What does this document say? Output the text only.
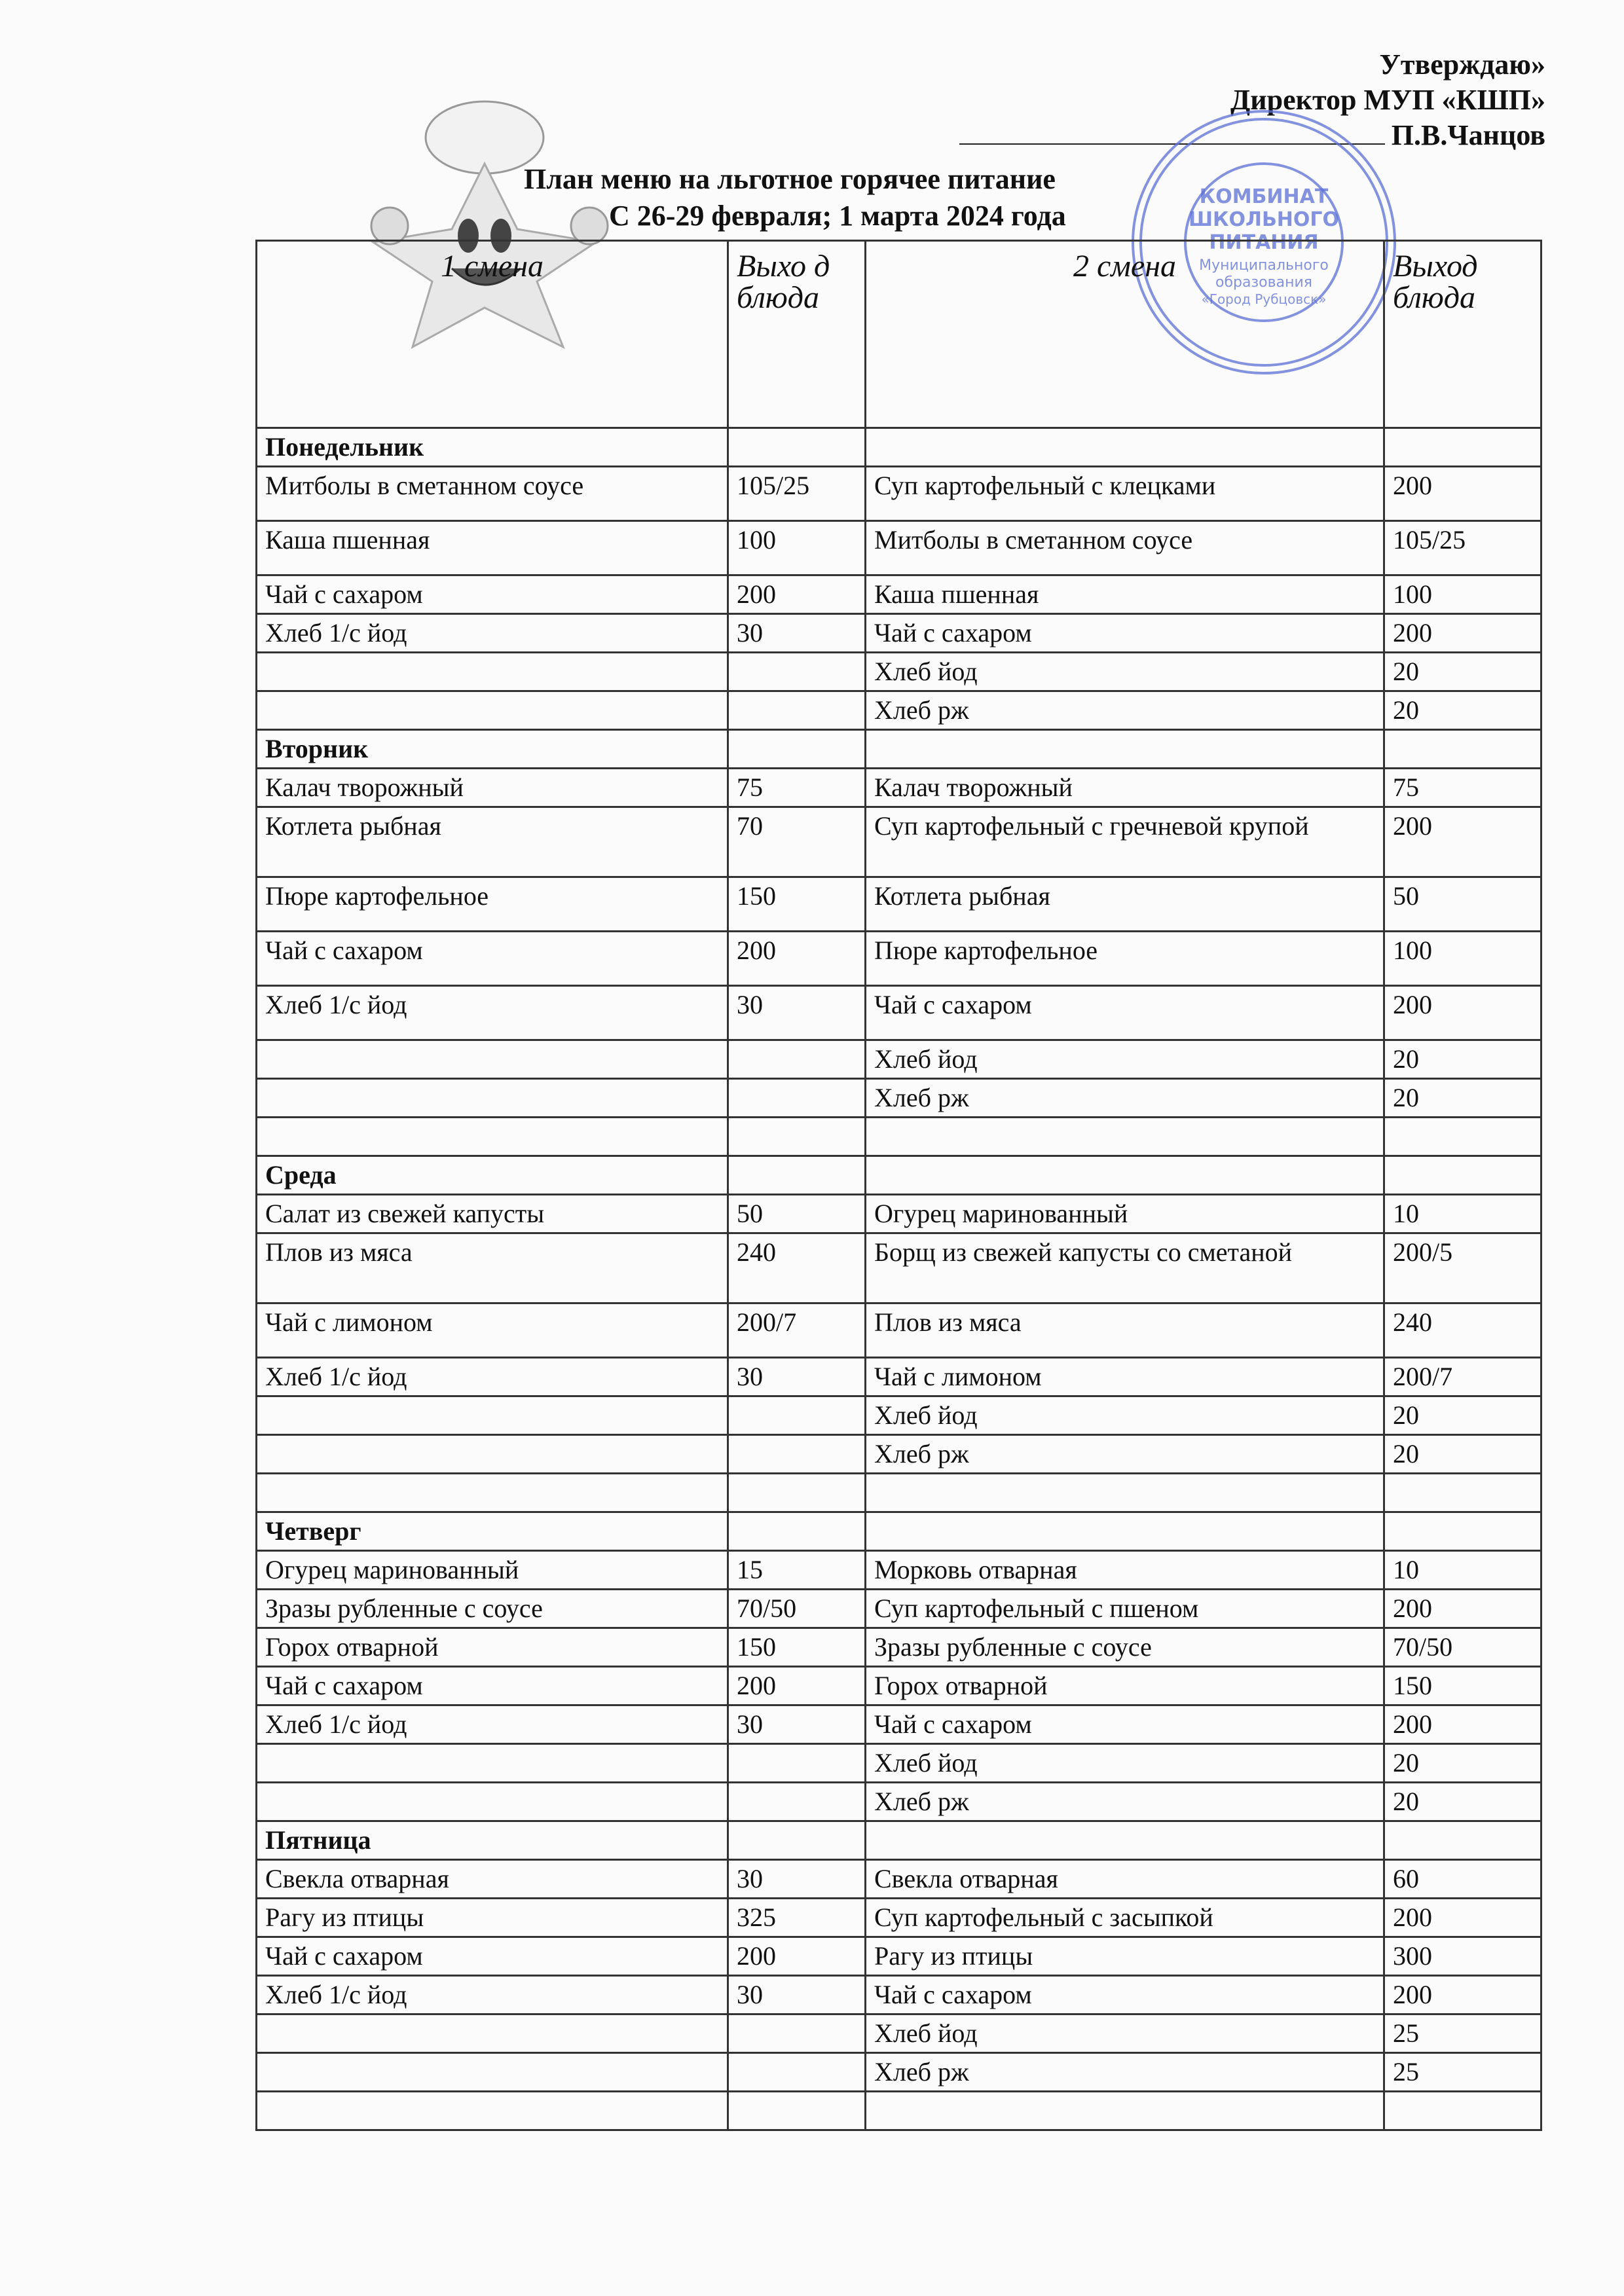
Утверждаю»
Директор МУП «КШП»
П.В.Чанцов
План меню на льготное горячее питание
С 26-29 февраля; 1 марта 2024 года
КОМБИНАТ
ШКОЛЬНОГО
ПИТАНИЯ
Муниципального
образования
«Город Рубцовск»
1 смена	Выхо д блюда	2 смена	Выход блюда
Понедельник			
Митболы в сметанном соусе	105/25	Суп картофельный с клецками	200
Каша пшенная	100	Митболы в сметанном соусе	105/25
Чай с сахаром	200	Каша пшенная	100
Хлеб 1/с йод	30	Чай с сахаром	200
		Хлеб йод	20
		Хлеб рж	20
Вторник			
Калач творожный	75	Калач творожный	75
Котлета рыбная	70	Суп картофельный с гречневой крупой	200
Пюре картофельное	150	Котлета рыбная	50
Чай с сахаром	200	Пюре картофельное	100
Хлеб 1/с йод	30	Чай с сахаром	200
		Хлеб йод	20
		Хлеб рж	20

Среда			
Салат из свежей капусты	50	Огурец маринованный	10
Плов из мяса	240	Борщ из свежей капусты со сметаной	200/5
Чай с лимоном	200/7	Плов из мяса	240
Хлеб 1/с йод	30	Чай с лимоном	200/7
		Хлеб йод	20
		Хлеб рж	20

Четверг			
Огурец маринованный	15	Морковь отварная	10
Зразы рубленные с соусе	70/50	Суп картофельный с пшеном	200
Горох отварной	150	Зразы рубленные с соусе	70/50
Чай с сахаром	200	Горох отварной	150
Хлеб 1/с йод	30	Чай с сахаром	200
		Хлеб йод	20
		Хлеб рж	20
Пятница			
Свекла отварная	30	Свекла отварная	60
Рагу из птицы	325	Суп картофельный с засыпкой	200
Чай с сахаром	200	Рагу из птицы	300
Хлеб 1/с йод	30	Чай с сахаром	200
		Хлеб йод	25
		Хлеб рж	25
